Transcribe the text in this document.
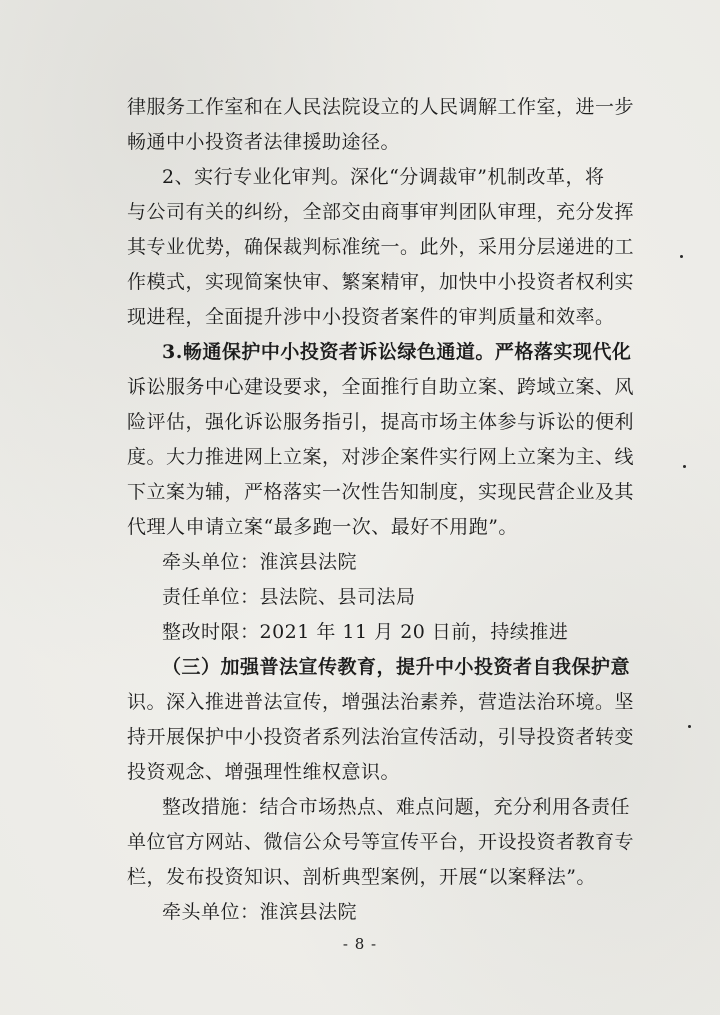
律服务工作室和在人民法院设立的人民调解工作室，进一步
畅通中小投资者法律援助途径。
2、实行专业化审判。深化“分调裁审”机制改革，将
与公司有关的纠纷，全部交由商事审判团队审理，充分发挥
其专业优势，确保裁判标准统一。此外，采用分层递进的工
作模式，实现简案快审、繁案精审，加快中小投资者权利实
现进程，全面提升涉中小投资者案件的审判质量和效率。
3.畅通保护中小投资者诉讼绿色通道。严格落实现代化
诉讼服务中心建设要求，全面推行自助立案、跨域立案、风
险评估，强化诉讼服务指引，提高市场主体参与诉讼的便利
度。大力推进网上立案，对涉企案件实行网上立案为主、线
下立案为辅，严格落实一次性告知制度，实现民营企业及其
代理人申请立案“最多跑一次、最好不用跑”。
牵头单位：淮滨县法院
责任单位：县法院、县司法局
整改时限：2021 年 11 月 20 日前，持续推进
（三）加强普法宣传教育，提升中小投资者自我保护意
识。深入推进普法宣传，增强法治素养，营造法治环境。坚
持开展保护中小投资者系列法治宣传活动，引导投资者转变
投资观念、增强理性维权意识。
整改措施：结合市场热点、难点问题，充分利用各责任
单位官方网站、微信公众号等宣传平台，开设投资者教育专
栏，发布投资知识、剖析典型案例，开展“以案释法”。
牵头单位：淮滨县法院
- 8 -
